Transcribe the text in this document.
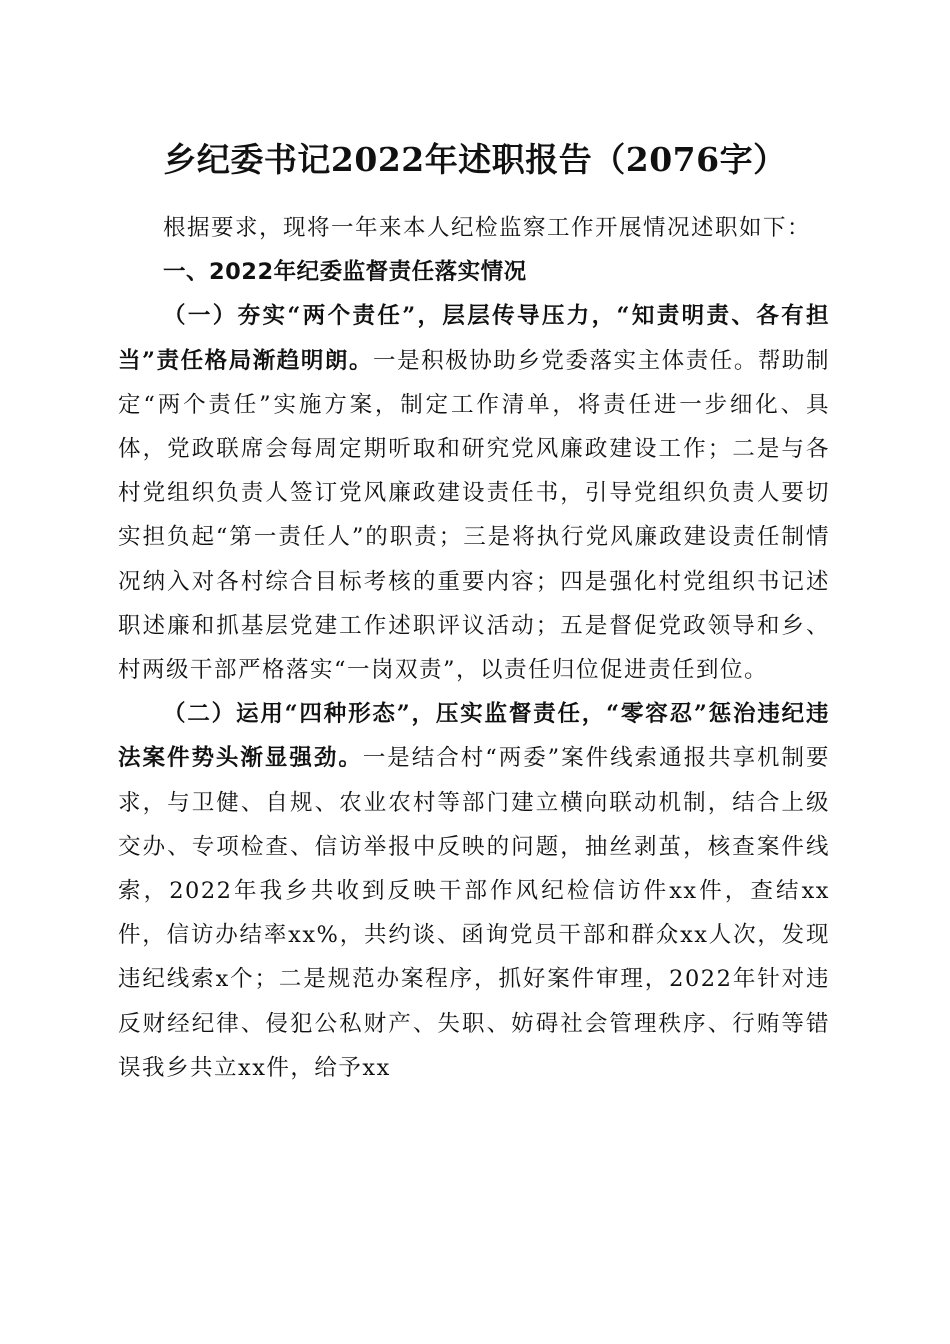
乡纪委书记2022年述职报告（2076字）

根据要求，现将一年来本人纪检监察工作开展情况述职如下：

一、2022年纪委监督责任落实情况

（一）夯实“两个责任”，层层传导压力，“知责明责、各有担当”责任格局渐趋明朗。一是积极协助乡党委落实主体责任。帮助制定“两个责任”实施方案，制定工作清单，将责任进一步细化、具体，党政联席会每周定期听取和研究党风廉政建设工作；二是与各村党组织负责人签订党风廉政建设责任书，引导党组织负责人要切实担负起“第一责任人”的职责；三是将执行党风廉政建设责任制情况纳入对各村综合目标考核的重要内容；四是强化村党组织书记述职述廉和抓基层党建工作述职评议活动；五是督促党政领导和乡、村两级干部严格落实“一岗双责”，以责任归位促进责任到位。

（二）运用“四种形态”，压实监督责任，“零容忍”惩治违纪违法案件势头渐显强劲。一是结合村“两委”案件线索通报共享机制要求，与卫健、自规、农业农村等部门建立横向联动机制，结合上级交办、专项检查、信访举报中反映的问题，抽丝剥茧，核查案件线索，2022年我乡共收到反映干部作风纪检信访件xx件，查结xx件，信访办结率xx%，共约谈、函询党员干部和群众xx人次，发现违纪线索x个；二是规范办案程序，抓好案件审理，2022年针对违反财经纪律、侵犯公私财产、失职、妨碍社会管理秩序、行贿等错误我乡共立xx件，给予xx
